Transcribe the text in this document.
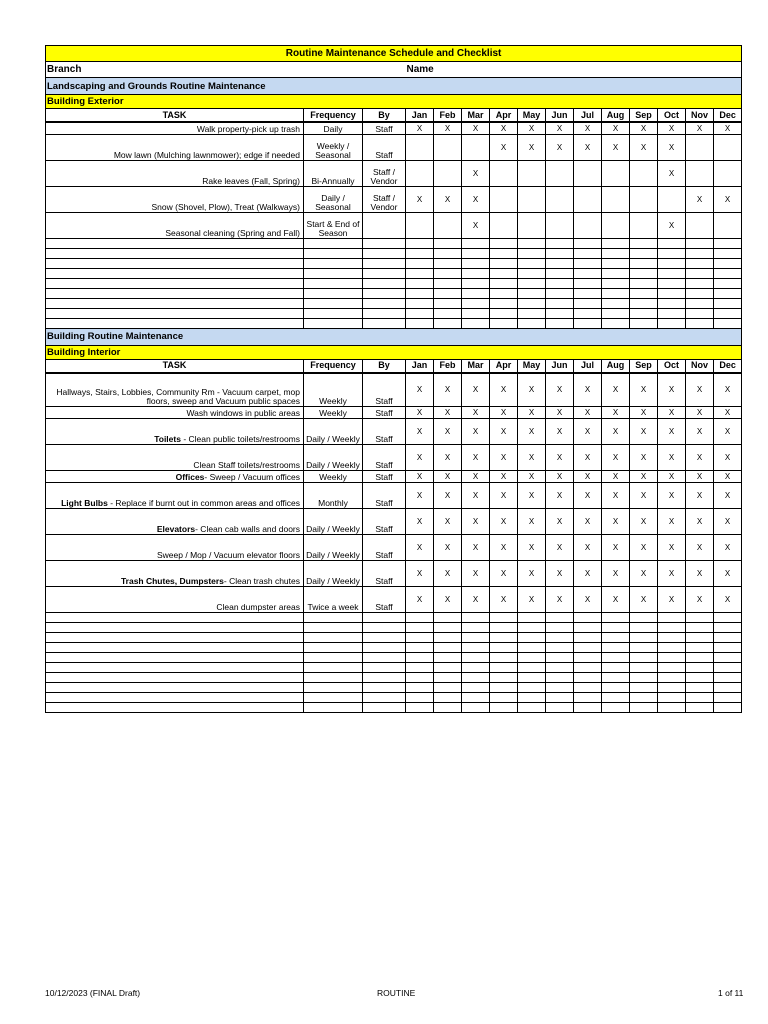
Routine Maintenance Schedule and Checklist														
Branch			Name											
Landscaping and Grounds Routine Maintenance														
Building Exterior														
TASK	Frequency	By	Jan	Feb	Mar	Apr	May	Jun	Jul	Aug	Sep	Oct	Nov	Dec
Walk property-pick up trash	Daily	Staff	X	X	X	X	X	X	X	X	X	X	X	X
Mow lawn (Mulching lawnmower); edge if needed	Weekly / Seasonal	Staff				X	X	X	X	X	X	X		
Rake leaves (Fall, Spring)	Bi-Annually	Staff / Vendor			X							X		
Snow (Shovel, Plow), Treat (Walkways)	Daily / Seasonal	Staff / Vendor	X	X	X								X	X
Seasonal cleaning (Spring and Fall)	Start & End of Season				X							X		

Building Routine Maintenance														
Building Interior														
TASK	Frequency	By	Jan	Feb	Mar	Apr	May	Jun	Jul	Aug	Sep	Oct	Nov	Dec
Hallways, Stairs, Lobbies, Community Rm - Vacuum carpet, mop floors, sweep and Vacuum public spaces	Weekly	Staff	X	X	X	X	X	X	X	X	X	X	X	X
Wash windows in public areas	Weekly	Staff	X	X	X	X	X	X	X	X	X	X	X	X
Toilets - Clean public toilets/restrooms	Daily / Weekly	Staff	X	X	X	X	X	X	X	X	X	X	X	X
Clean Staff toilets/restrooms	Daily / Weekly	Staff	X	X	X	X	X	X	X	X	X	X	X	X
Offices- Sweep / Vacuum offices	Weekly	Staff	X	X	X	X	X	X	X	X	X	X	X	X
Light Bulbs - Replace if burnt out in common areas and offices	Monthly	Staff	X	X	X	X	X	X	X	X	X	X	X	X
Elevators- Clean cab walls and doors	Daily / Weekly	Staff	X	X	X	X	X	X	X	X	X	X	X	X
Sweep / Mop / Vacuum elevator floors	Daily / Weekly	Staff	X	X	X	X	X	X	X	X	X	X	X	X
Trash Chutes, Dumpsters- Clean trash chutes	Daily / Weekly	Staff	X	X	X	X	X	X	X	X	X	X	X	X
Clean dumpster areas	Twice a week	Staff	X	X	X	X	X	X	X	X	X	X	X	X

10/12/2023 (FINAL Draft)	ROUTINE	1 of 11
